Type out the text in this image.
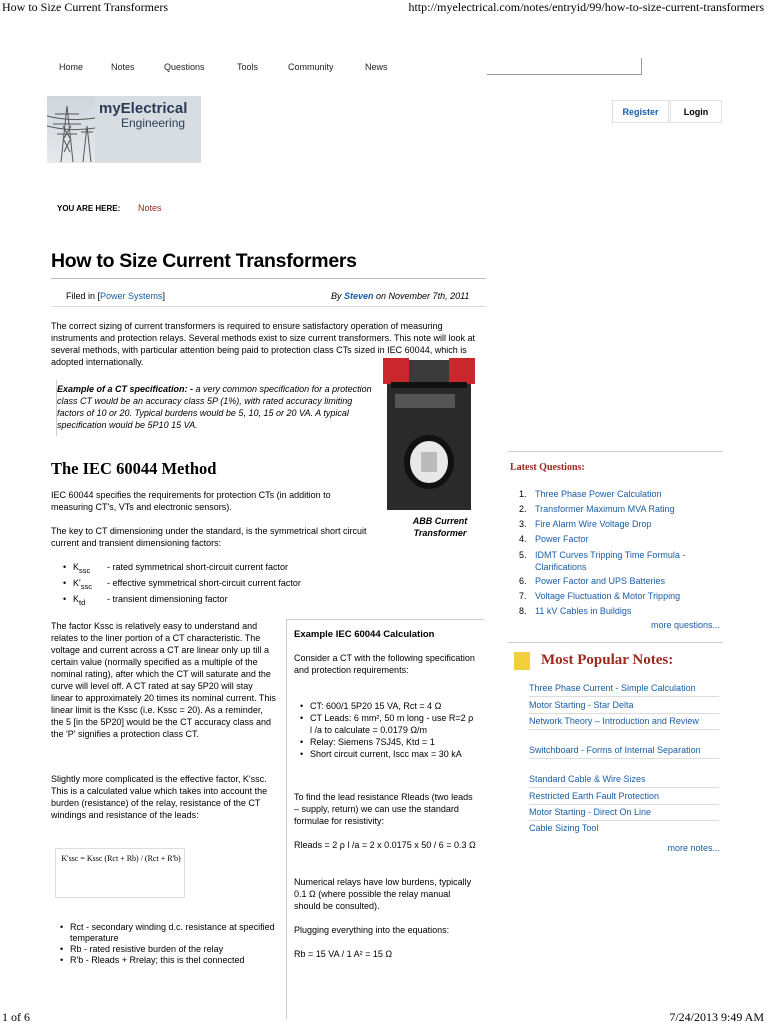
How to Size Current Transformers	http://myelectrical.com/notes/entryid/99/how-to-size-current-transformers
1 of 6	7/24/2013 9:49 AM
Home	Notes	Questions	Tools	Community	News
myElectrical
Engineering
Register	Login
YOU ARE HERE: Notes
How to Size Current Transformers
Filed in [Power Systems]	By Steven on November 7th, 2011
The correct sizing of current transformers is required to ensure satisfactory operation of measuring instruments and protection relays. Several methods exist to size current transformers. This note will look at several methods, with particular attention being paid to protection class CTs sized in IEC 60044, which is adopted internationally.
Example of a CT specification: - a very common specification for a protection class CT would be an accuracy class 5P (1%), with rated accuracy limiting factors of 10 or 20. Typical burdens would be 5, 10, 15 or 20 VA. A typical specification would be 5P10 15 VA.
ABB Current Transformer
The IEC 60044 Method
IEC 60044 specifies the requirements for protection CTs (in addition to measuring CT's, VTs and electronic sensors).
The key to CT dimensioning under the standard, is the symmetrical short circuit current and transient dimensioning factors:
• $K_{ssc}$ - rated symmetrical short-circuit current factor
• $K'_{ssc}$ - effective symmetrical short-circuit current factor
• $K_{td}$ - transient dimensioning factor
The factor Kssc is relatively easy to understand and relates to the liner portion of a CT characteristic. The voltage and current across a CT are linear only up till a certain value (normally specified as a multiple of the nominal rating), after which the CT will saturate and the curve will level off. A CT rated at say 5P20 will stay linear to approximately 20 times its nominal current. This linear limit is the Kssc (i.e. Kssc = 20). As a reminder, the 5 [in the 5P20] would be the CT accuracy class and the 'P' signifies a protection class CT.
Slightly more complicated is the effective factor, K'ssc. This is a calculated value which takes into account the burden (resistance) of the relay, resistance of the CT windings and resistance of the leads:
K'ssc = Kssc (Rct + Rb) / (Rct + R'b)
• Rct - secondary winding d.c. resistance at specified temperature
• Rb - rated resistive burden of the relay
• R'b - Rleads + Rrelay; this is thel connected
Example IEC 60044 Calculation
Consider a CT with the following specification and protection requirements:
• CT: 600/1 5P20 15 VA, Rct = 4 Ω
• CT Leads: 6 mm², 50 m long - use R=2 ρ l /a to calculate = 0.0179 Ω/m
• Relay: Siemens 7SJ45, Ktd = 1
• Short circuit current, Iscc max = 30 kA
To find the lead resistance Rleads (two leads – supply, return) we can use the standard formulae for resistivity:
Rleads = 2 ρ l /a = 2 x 0.0175 x 50 / 6 = 0.3 Ω
Numerical relays have low burdens, typically 0.1 Ω (where possible the relay manual should be consulted).
Plugging everything into the equations:
Rb = 15 VA / 1 A² = 15 Ω
Latest Questions:
1. Three Phase Power Calculation
2. Transformer Maximum MVA Rating
3. Fire Alarm Wire Voltage Drop
4. Power Factor
5. IDMT Curves Tripping Time Formula - Clarifications
6. Power Factor and UPS Batteries
7. Voltage Fluctuation & Motor Tripping
8. 11 kV Cables in Buildigs
more questions...
Most Popular Notes:
Three Phase Current - Simple Calculation
Motor Starting - Star Delta
Network Theory – Introduction and Review
Switchboard - Forms of Internal Separation
Standard Cable & Wire Sizes
Restricted Earth Fault Protection
Motor Starting - Direct On Line
Cable Sizing Tool
more notes...
